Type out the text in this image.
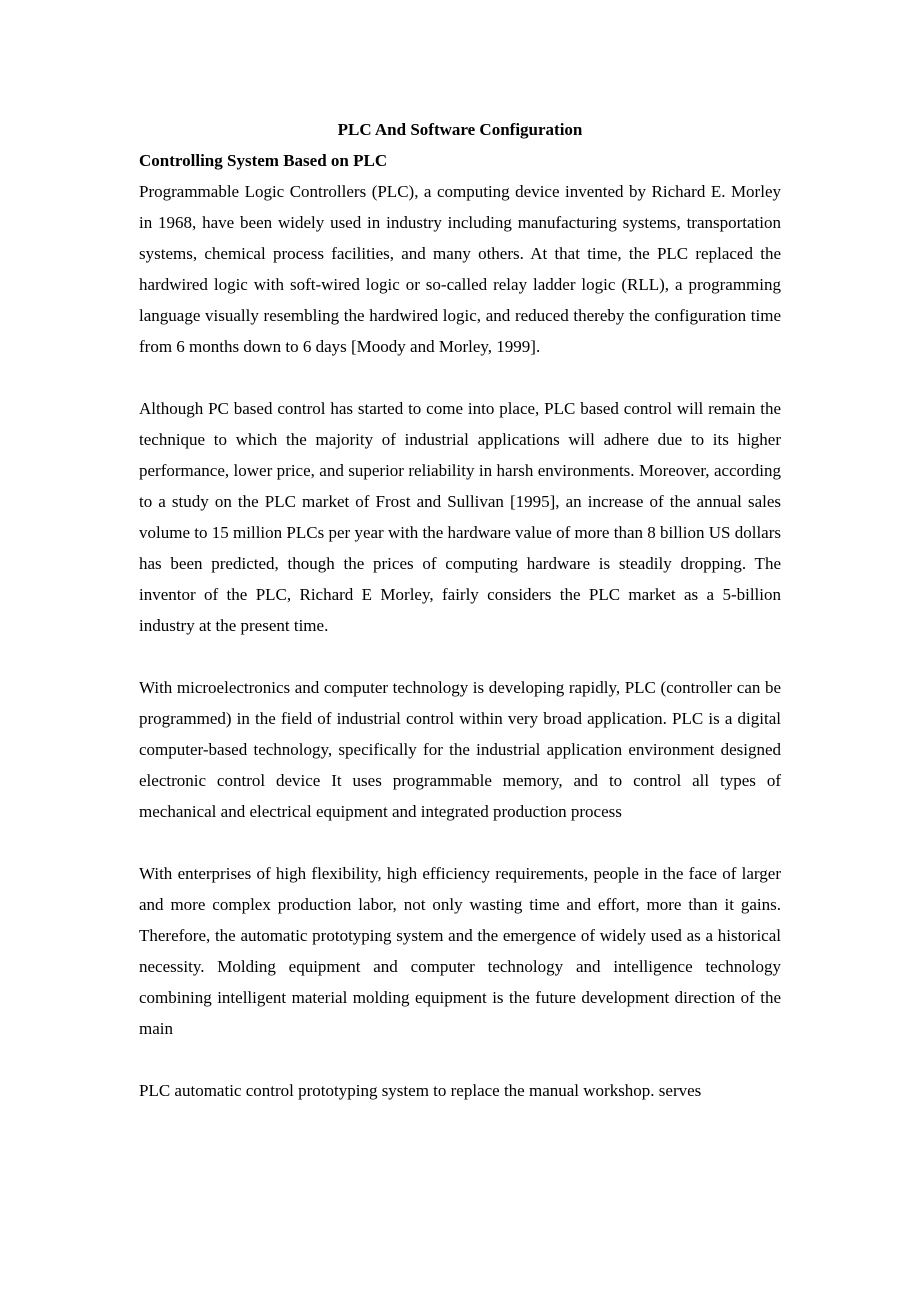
PLC And Software Configuration
Controlling System Based on PLC

Programmable Logic Controllers (PLC), a computing device invented by Richard E. Morley in 1968, have been widely used in industry including manufacturing systems, transportation systems, chemical process facilities, and many others. At that time, the PLC replaced the hardwired logic with soft-wired logic or so-called relay ladder logic (RLL), a programming language visually resembling the hardwired logic, and reduced thereby the configuration time from 6 months down to 6 days [Moody and Morley, 1999].

Although PC based control has started to come into place, PLC based control will remain the technique to which the majority of industrial applications will adhere due to its higher performance, lower price, and superior reliability in harsh environments. Moreover, according to a study on the PLC market of Frost and Sullivan [1995], an increase of the annual sales volume to 15 million PLCs per year with the hardware value of more than 8 billion US dollars has been predicted, though the prices of computing hardware is steadily dropping. The inventor of the PLC, Richard E Morley, fairly considers the PLC market as a 5-billion industry at the present time.

With microelectronics and computer technology is developing rapidly, PLC (controller can be programmed) in the field of industrial control within very broad application. PLC is a digital computer-based technology, specifically for the industrial application environment designed electronic control device It uses programmable memory, and to control all types of mechanical and electrical equipment and integrated production process

With enterprises of high flexibility, high efficiency requirements, people in the face of larger and more complex production labor, not only wasting time and effort, more than it gains. Therefore, the automatic prototyping system and the emergence of widely used as a historical necessity. Molding equipment and computer technology and intelligence technology combining intelligent material molding equipment is the future development direction of the main

PLC automatic control prototyping system to replace the manual workshop. serves
